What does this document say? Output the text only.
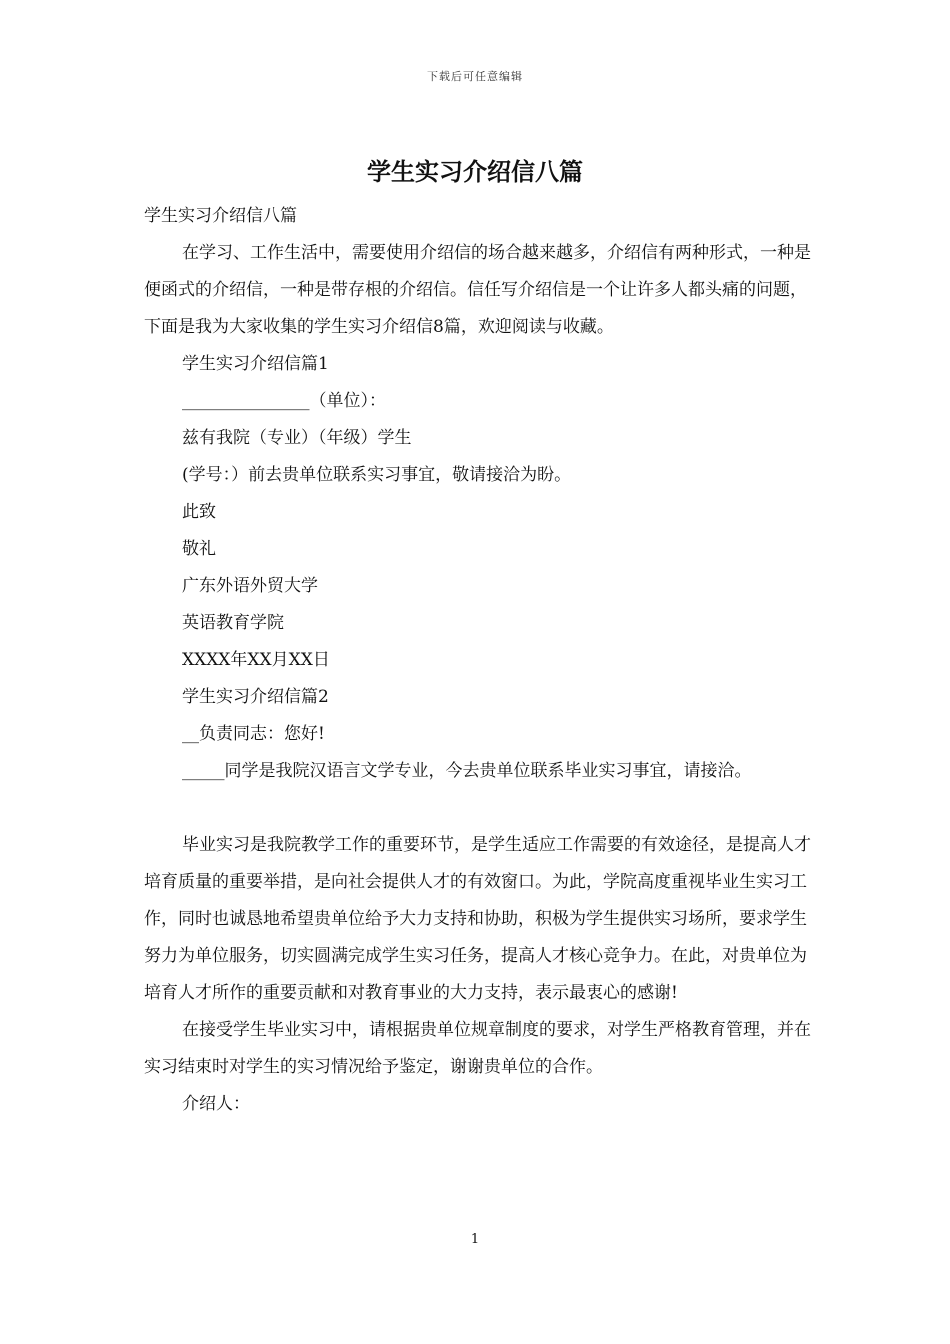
下载后可任意编辑
学生实习介绍信八篇

学生实习介绍信八篇

在学习、工作生活中，需要使用介绍信的场合越来越多，介绍信有两种形式，一种是便函式的介绍信，一种是带存根的介绍信。信任写介绍信是一个让许多人都头痛的问题，下面是我为大家收集的学生实习介绍信8篇，欢迎阅读与收藏。

学生实习介绍信篇1

_______________（单位）：

兹有我院（专业）（年级）学生

(学号：）前去贵单位联系实习事宜，敬请接洽为盼。

此致

敬礼

广东外语外贸大学

英语教育学院

XXXX年XX月XX日

学生实习介绍信篇2

__负责同志：您好!

_____同学是我院汉语言文学专业，今去贵单位联系毕业实习事宜，请接洽。

毕业实习是我院教学工作的重要环节，是学生适应工作需要的有效途径，是提高人才培育质量的重要举措，是向社会提供人才的有效窗口。为此，学院高度重视毕业生实习工作，同时也诚恳地希望贵单位给予大力支持和协助，积极为学生提供实习场所，要求学生努力为单位服务，切实圆满完成学生实习任务，提高人才核心竞争力。在此，对贵单位为培育人才所作的重要贡献和对教育事业的大力支持，表示最衷心的感谢!

在接受学生毕业实习中，请根据贵单位规章制度的要求，对学生严格教育管理，并在实习结束时对学生的实习情况给予鉴定，谢谢贵单位的合作。

介绍人：

1
